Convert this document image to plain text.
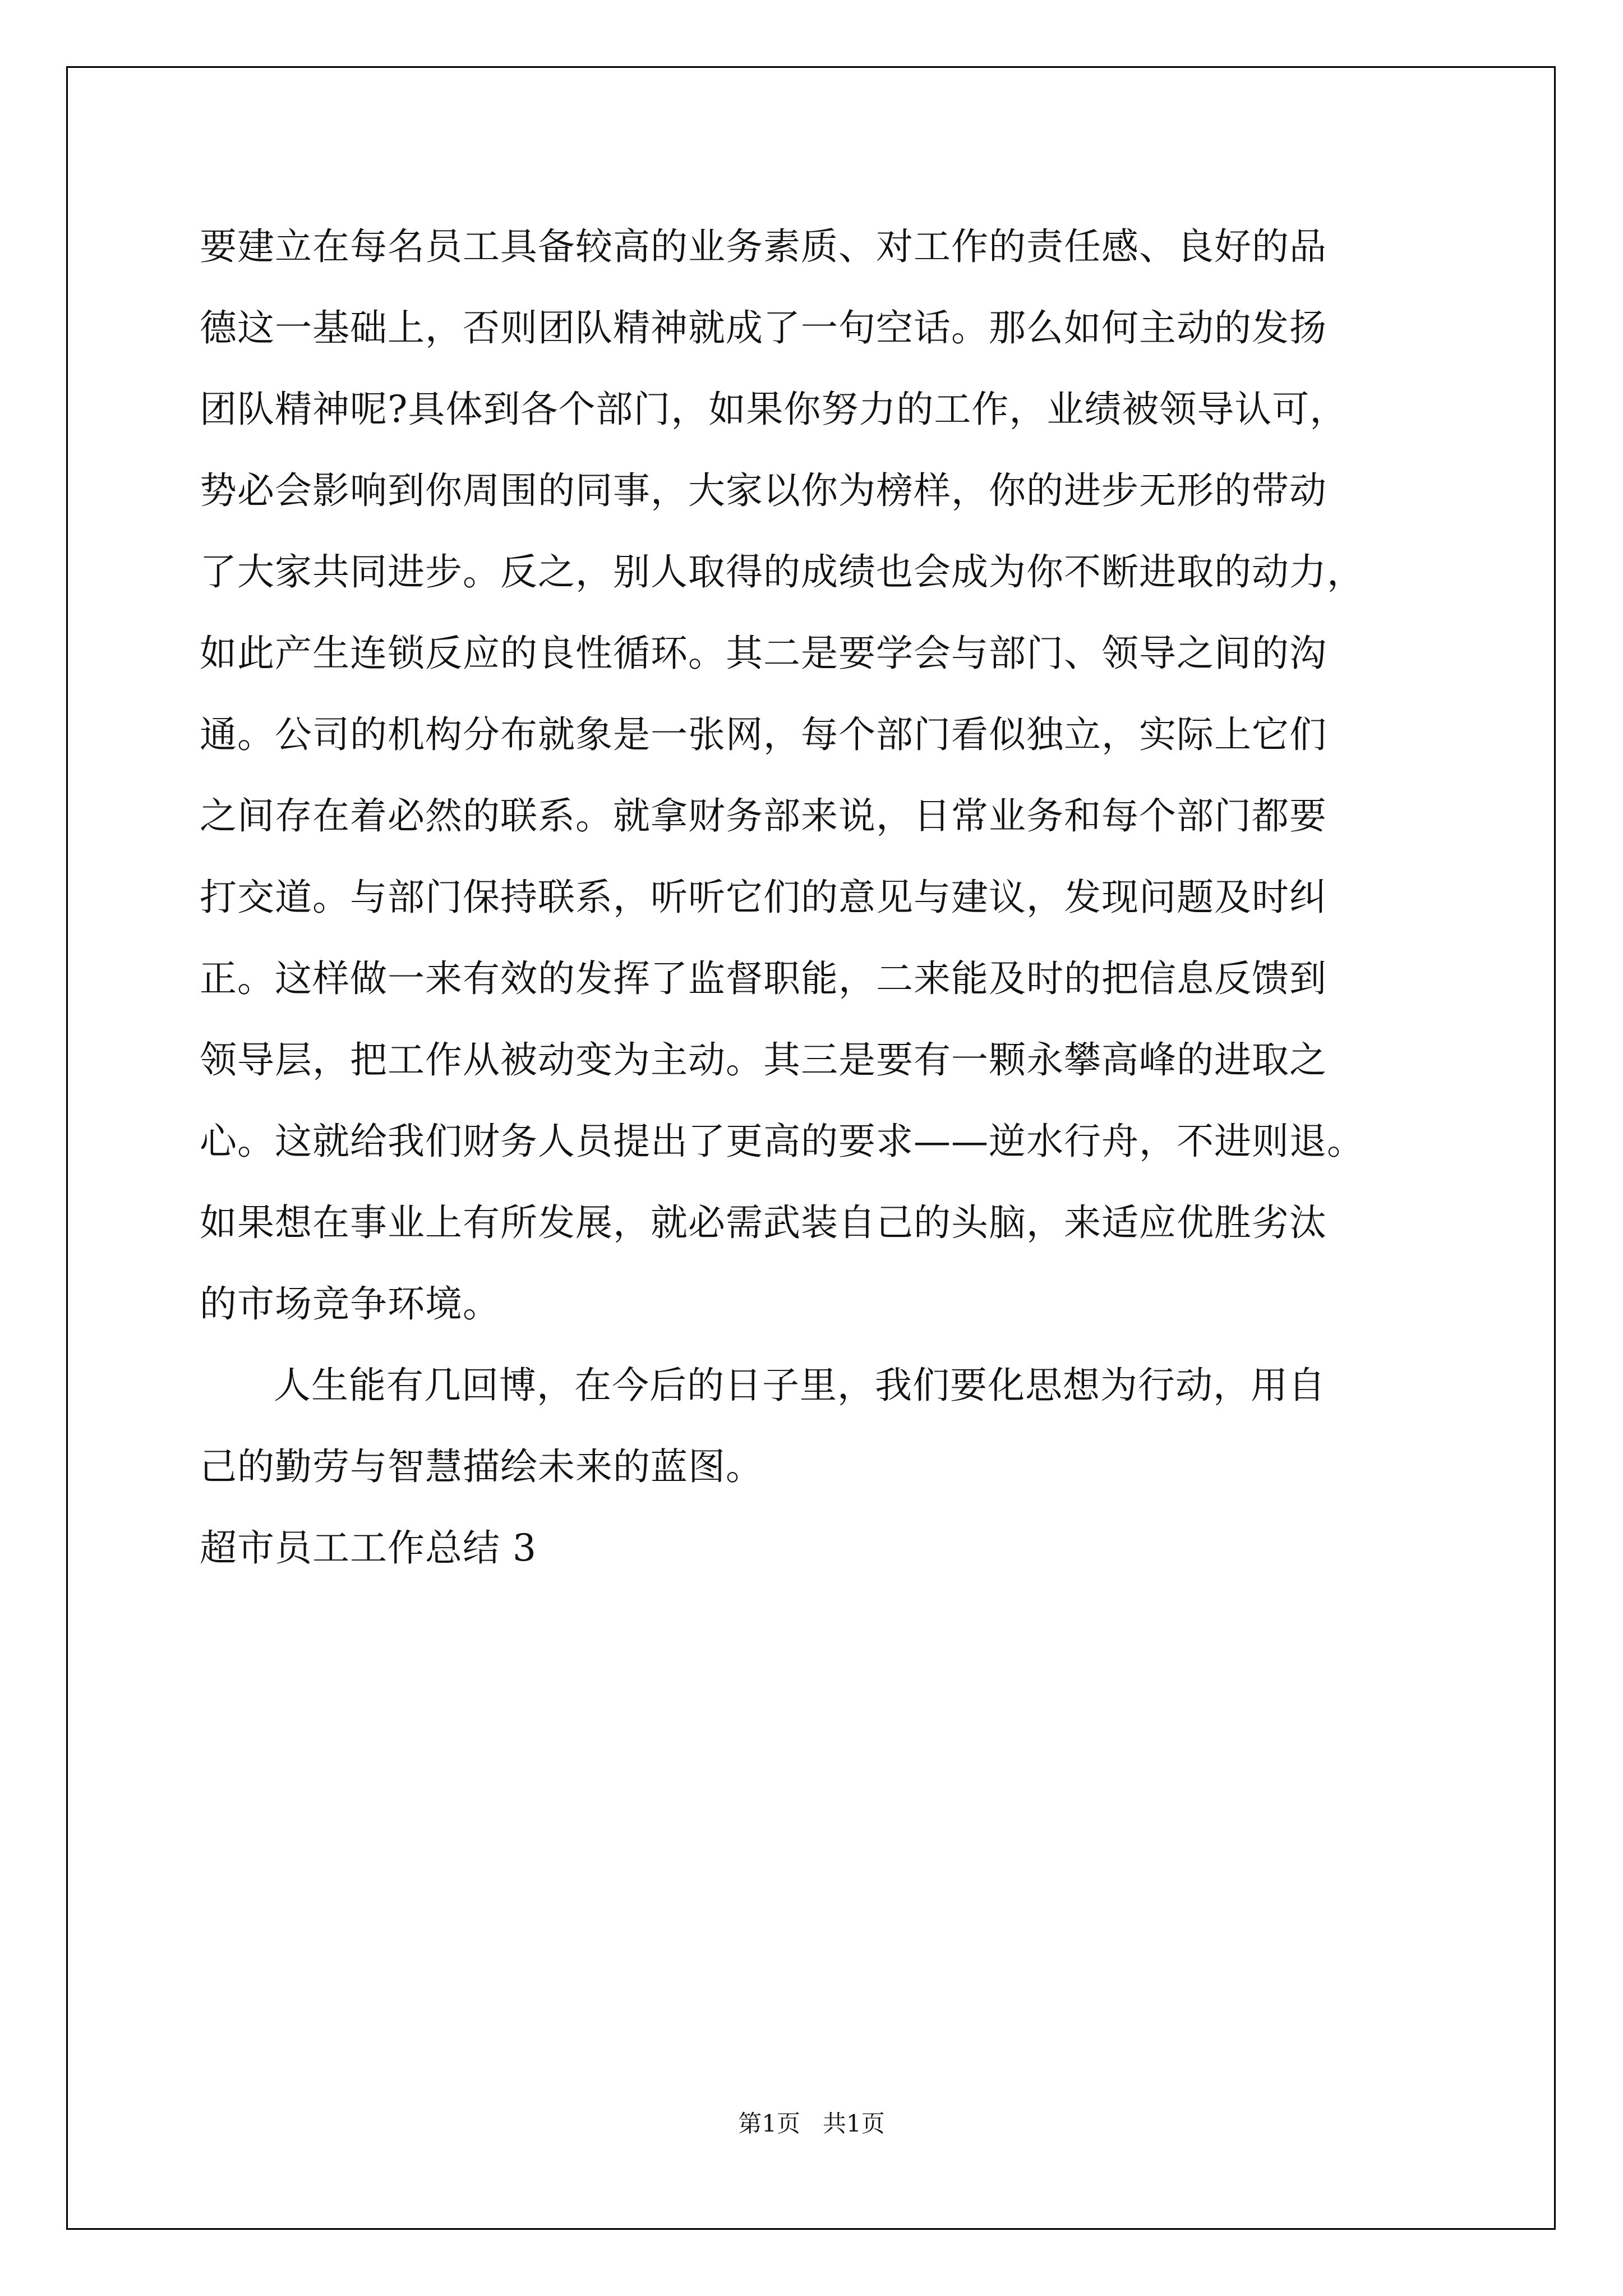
要建立在每名员工具备较高的业务素质、对工作的责任感、良好的品
德这一基础上，否则团队精神就成了一句空话。那么如何主动的发扬
团队精神呢?具体到各个部门，如果你努力的工作，业绩被领导认可，
势必会影响到你周围的同事，大家以你为榜样，你的进步无形的带动
了大家共同进步。反之，别人取得的成绩也会成为你不断进取的动力，
如此产生连锁反应的良性循环。其二是要学会与部门、领导之间的沟
通。公司的机构分布就象是一张网，每个部门看似独立，实际上它们
之间存在着必然的联系。就拿财务部来说，日常业务和每个部门都要
打交道。与部门保持联系，听听它们的意见与建议，发现问题及时纠
正。这样做一来有效的发挥了监督职能，二来能及时的把信息反馈到
领导层，把工作从被动变为主动。其三是要有一颗永攀高峰的进取之
心。这就给我们财务人员提出了更高的要求——逆水行舟，不进则退。
如果想在事业上有所发展，就必需武装自己的头脑，来适应优胜劣汰
的市场竞争环境。
人生能有几回博，在今后的日子里，我们要化思想为行动，用自
己的勤劳与智慧描绘未来的蓝图。
超市员工工作总结 3
第1页 共1页
